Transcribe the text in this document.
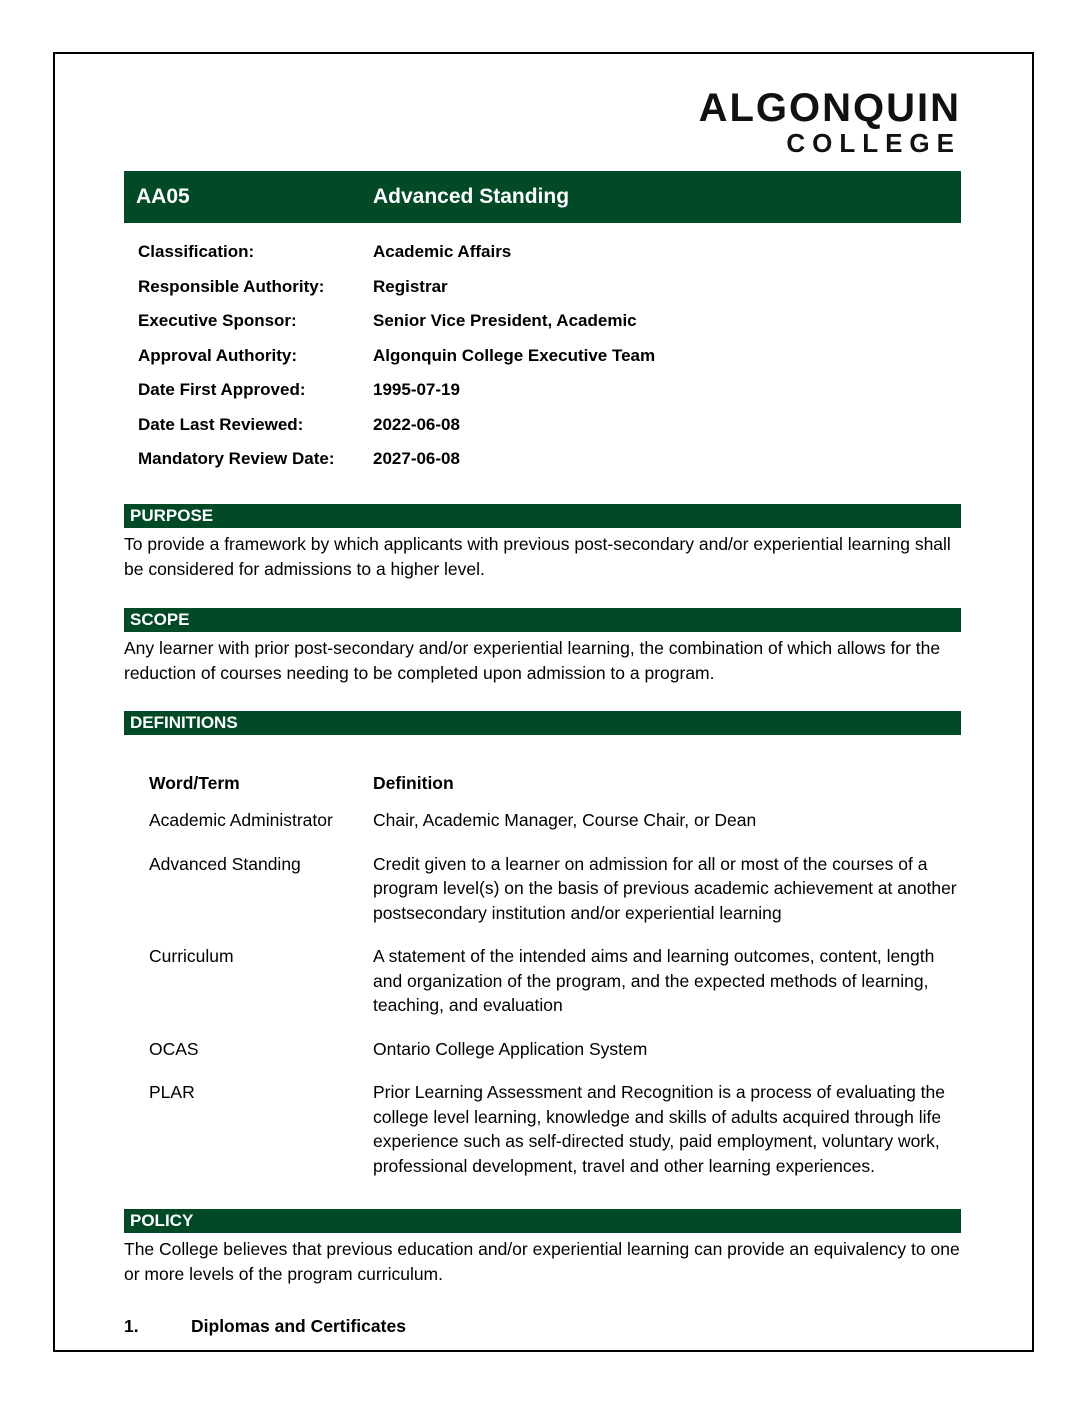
ALGONQUIN
COLLEGE
AA05	Advanced Standing
Classification:	Academic Affairs
Responsible Authority:	Registrar
Executive Sponsor:	Senior Vice President, Academic
Approval Authority:	Algonquin College Executive Team
Date First Approved:	1995-07-19
Date Last Reviewed:	2022-06-08
Mandatory Review Date:	2027-06-08
PURPOSE

To provide a framework by which applicants with previous post-secondary and/or experiential learning shall be considered for admissions to a higher level.

SCOPE

Any learner with prior post-secondary and/or experiential learning, the combination of which allows for the reduction of courses needing to be completed upon admission to a program.

DEFINITIONS
Word/Term	Definition
Academic Administrator	Chair, Academic Manager, Course Chair, or Dean
Advanced Standing	Credit given to a learner on admission for all or most of the courses of a program level(s) on the basis of previous academic achievement at another postsecondary institution and/or experiential learning
Curriculum	A statement of the intended aims and learning outcomes, content, length and organization of the program, and the expected methods of learning, teaching, and evaluation
OCAS	Ontario College Application System
PLAR	Prior Learning Assessment and Recognition is a process of evaluating the college level learning, knowledge and skills of adults acquired through life experience such as self-directed study, paid employment, voluntary work, professional development, travel and other learning experiences.
POLICY

The College believes that previous education and/or experiential learning can provide an equivalency to one or more levels of the program curriculum.

1.	Diplomas and Certificates
